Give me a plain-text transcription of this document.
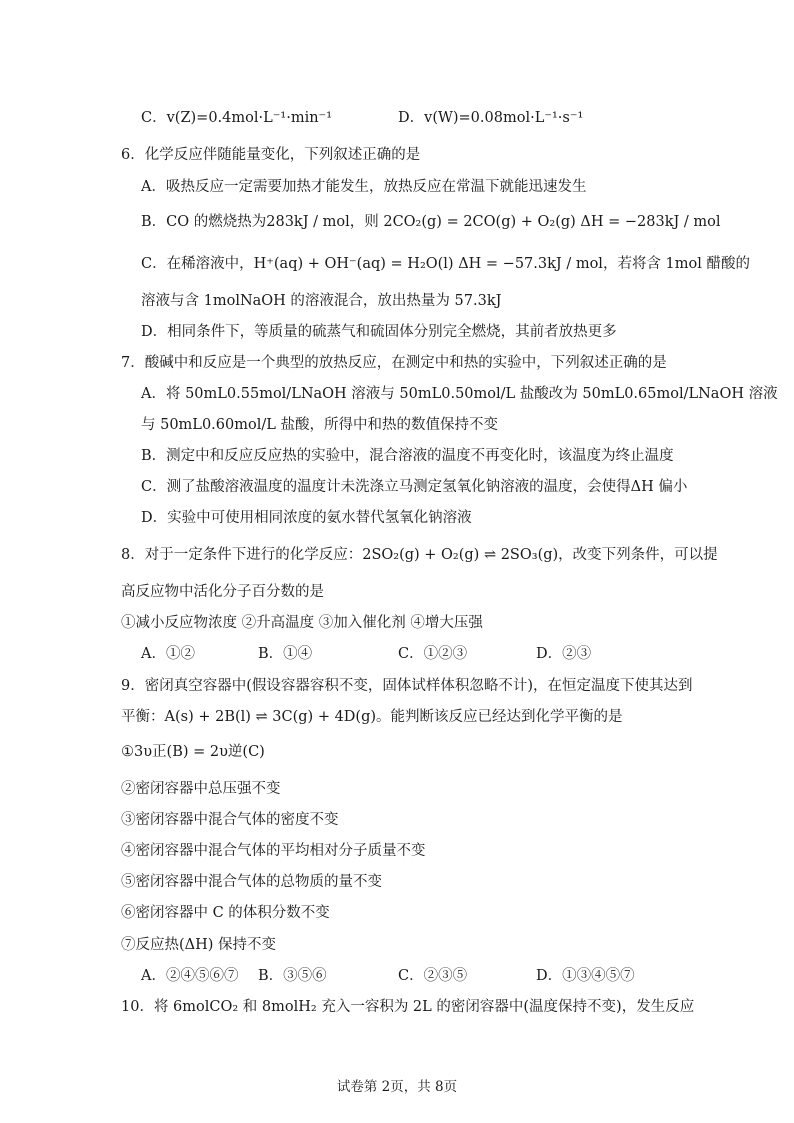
C．v(Z)=0.4mol·L⁻¹·min⁻¹	D．v(W)=0.08mol·L⁻¹·s⁻¹
6．化学反应伴随能量变化，下列叙述正确的是
A．吸热反应一定需要加热才能发生，放热反应在常温下就能迅速发生
B．CO 的燃烧热为283kJ / mol，则 2CO₂(g) = 2CO(g) + O₂(g) ΔH = −283kJ / mol
C．在稀溶液中，H⁺(aq) + OH⁻(aq) = H₂O(l) ΔH = −57.3kJ / mol，若将含 1mol 醋酸的
溶液与含 1molNaOH 的溶液混合，放出热量为 57.3kJ
D．相同条件下，等质量的硫蒸气和硫固体分别完全燃烧，其前者放热更多
7．酸碱中和反应是一个典型的放热反应，在测定中和热的实验中，下列叙述正确的是
A．将 50mL0.55mol/LNaOH 溶液与 50mL0.50mol/L 盐酸改为 50mL0.65mol/LNaOH 溶液
与 50mL0.60mol/L 盐酸，所得中和热的数值保持不变
B．测定中和反应反应热的实验中，混合溶液的温度不再变化时，该温度为终止温度
C．测了盐酸溶液温度的温度计未洗涤立马测定氢氧化钠溶液的温度，会使得ΔH 偏小
D．实验中可使用相同浓度的氨水替代氢氧化钠溶液
8．对于一定条件下进行的化学反应：2SO₂(g) + O₂(g) ⇌ 2SO₃(g)，改变下列条件，可以提
高反应物中活化分子百分数的是
①减小反应物浓度 ②升高温度 ③加入催化剂 ④增大压强
A．①②	B．①④	C．①②③	D．②③
9．密闭真空容器中(假设容器容积不变，固体试样体积忽略不计)，在恒定温度下使其达到
平衡：A(s) + 2B(l) ⇌ 3C(g) + 4D(g)。能判断该反应已经达到化学平衡的是
①3υ正(B) = 2υ逆(C)
②密闭容器中总压强不变
③密闭容器中混合气体的密度不变
④密闭容器中混合气体的平均相对分子质量不变
⑤密闭容器中混合气体的总物质的量不变
⑥密闭容器中 C 的体积分数不变
⑦反应热(ΔH) 保持不变
A．②④⑤⑥⑦ B．③⑤⑥	C．②③⑤	D．①③④⑤⑦
10．将 6molCO₂ 和 8molH₂ 充入一容积为 2L 的密闭容器中(温度保持不变)，发生反应
试卷第 2页，共 8页
